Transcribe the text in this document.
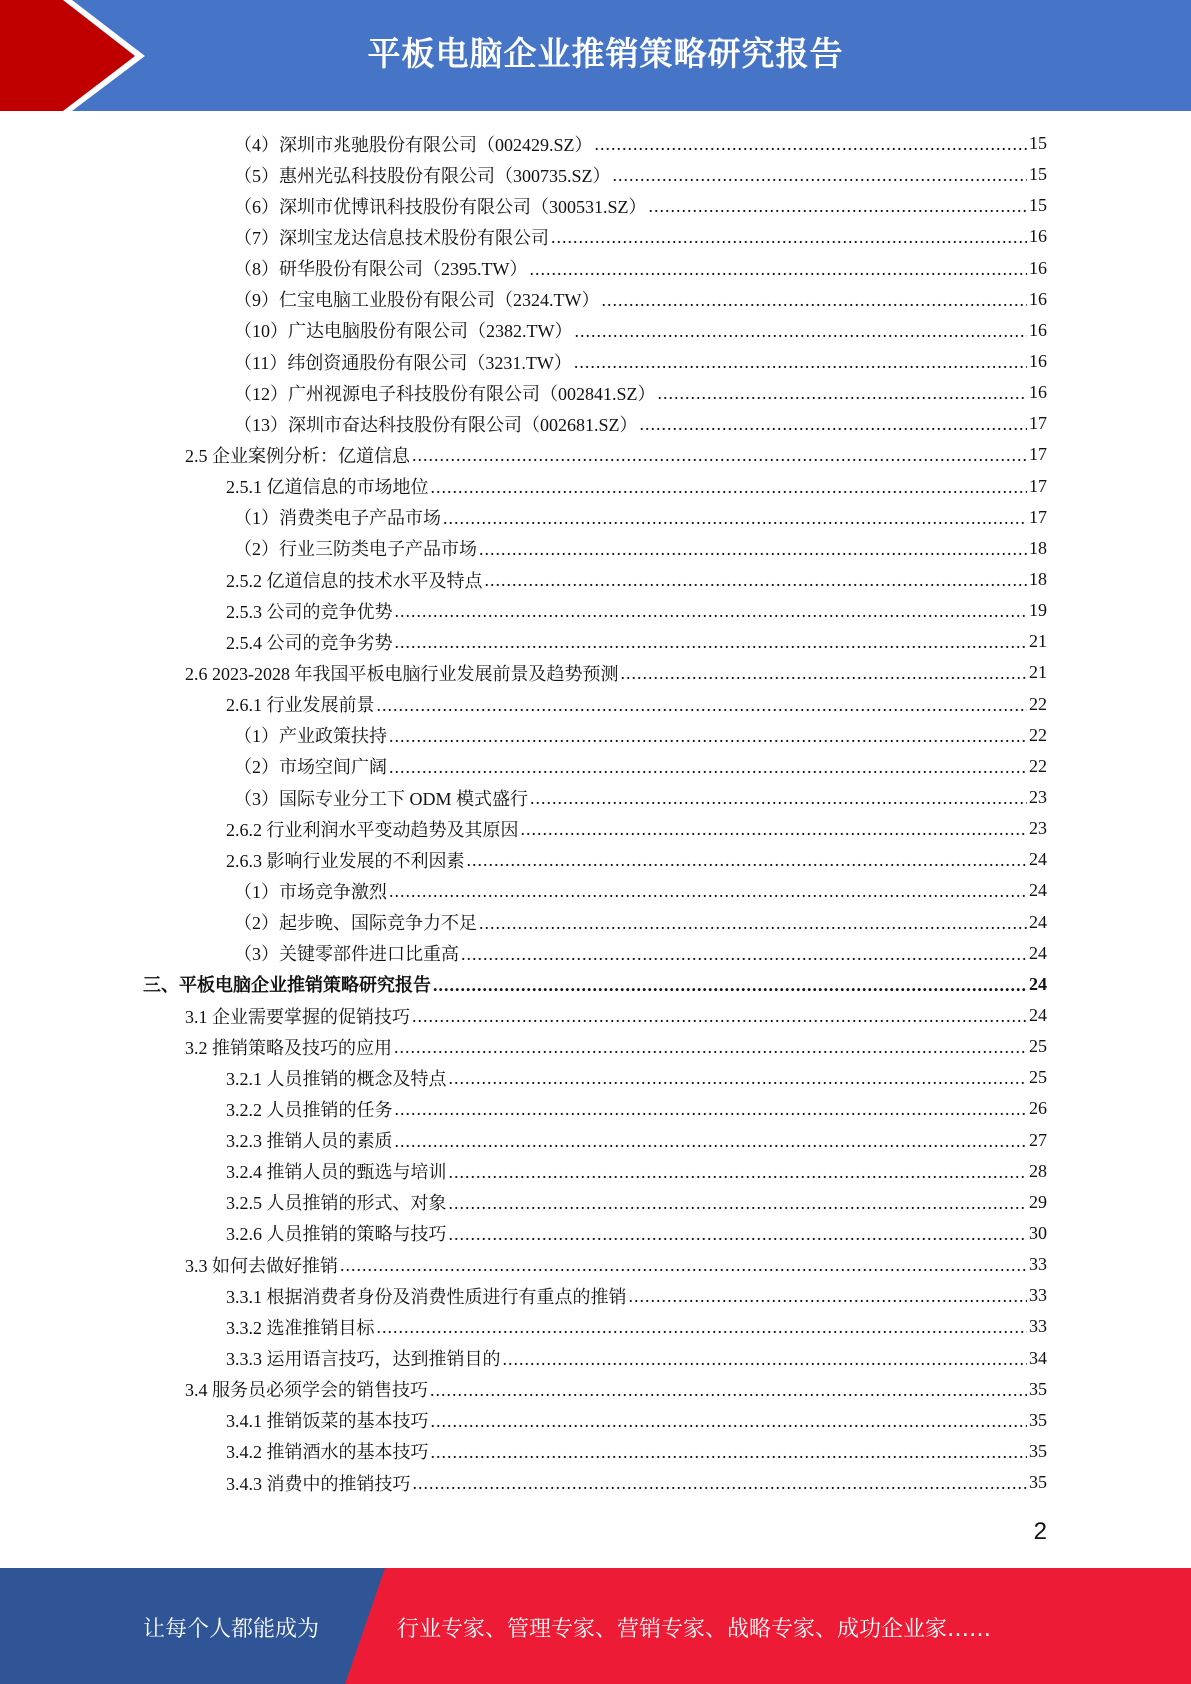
平板电脑企业推销策略研究报告
（4）深圳市兆驰股份有限公司（002429.SZ） .....	15
（5）惠州光弘科技股份有限公司（300735.SZ） .....	15
（6）深圳市优博讯科技股份有限公司（300531.SZ） .....	15
（7）深圳宝龙达信息技术股份有限公司 .....	16
（8）研华股份有限公司（2395.TW） .....	16
（9）仁宝电脑工业股份有限公司（2324.TW） .....	16
（10）广达电脑股份有限公司（2382.TW） .....	16
（11）纬创资通股份有限公司（3231.TW） .....	16
（12）广州视源电子科技股份有限公司（002841.SZ） .....	16
（13）深圳市奋达科技股份有限公司（002681.SZ） .....	17
2.5 企业案例分析：亿道信息 .....	17
2.5.1 亿道信息的市场地位 .....	17
（1）消费类电子产品市场 .....	17
（2）行业三防类电子产品市场 .....	18
2.5.2 亿道信息的技术水平及特点 .....	18
2.5.3 公司的竞争优势 .....	19
2.5.4 公司的竞争劣势 .....	21
2.6 2023-2028 年我国平板电脑行业发展前景及趋势预测 .....	21
2.6.1 行业发展前景 .....	22
（1）产业政策扶持 .....	22
（2）市场空间广阔 .....	22
（3）国际专业分工下 ODM 模式盛行 .....	23
2.6.2 行业利润水平变动趋势及其原因 .....	23
2.6.3 影响行业发展的不利因素 .....	24
（1）市场竞争激烈 .....	24
（2）起步晚、国际竞争力不足 .....	24
（3）关键零部件进口比重高 .....	24
三、平板电脑企业推销策略研究报告 .....	24
3.1 企业需要掌握的促销技巧 .....	24
3.2 推销策略及技巧的应用 .....	25
3.2.1 人员推销的概念及特点 .....	25
3.2.2 人员推销的任务 .....	26
3.2.3 推销人员的素质 .....	27
3.2.4 推销人员的甄选与培训 .....	28
3.2.5 人员推销的形式、对象 .....	29
3.2.6 人员推销的策略与技巧 .....	30
3.3 如何去做好推销 .....	33
3.3.1 根据消费者身份及消费性质进行有重点的推销 .....	33
3.3.2 选准推销目标 .....	33
3.3.3 运用语言技巧，达到推销目的 .....	34
3.4 服务员必须学会的销售技巧 .....	35
3.4.1 推销饭菜的基本技巧 .....	35
3.4.2 推销酒水的基本技巧 .....	35
3.4.3 消费中的推销技巧 .....	35
2
让每个人都能成为	行业专家、管理专家、营销专家、战略专家、成功企业家……
